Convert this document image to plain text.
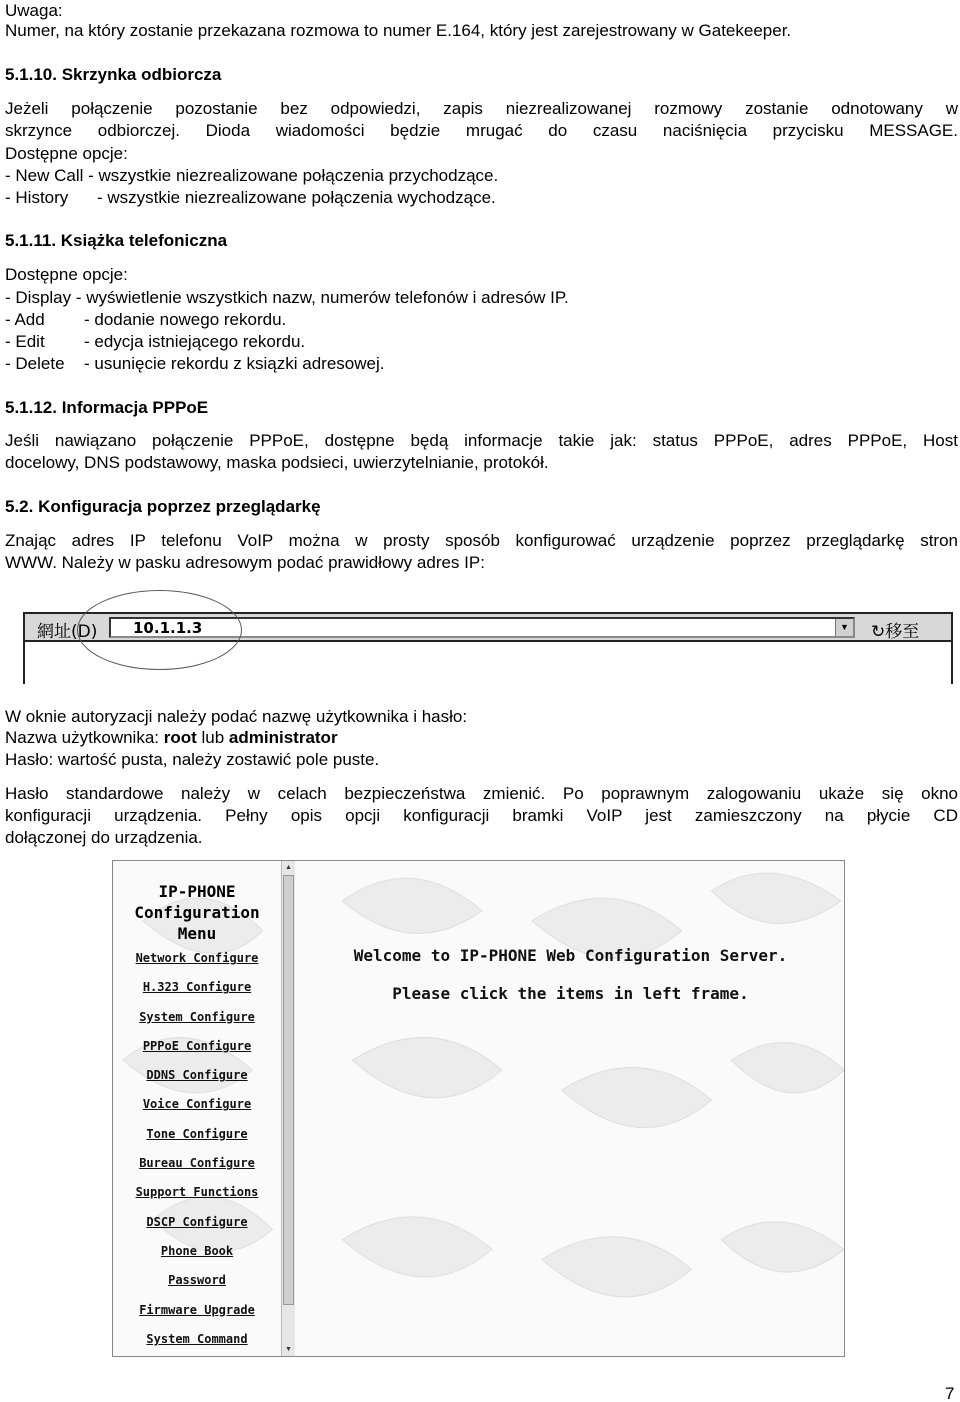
Uwaga:
Numer, na który zostanie przekazana rozmowa to numer E.164, który jest zarejestrowany w Gatekeeper.
5.1.10. Skrzynka odbiorcza
Jeżeli połączenie pozostanie bez odpowiedzi, zapis niezrealizowanej rozmowy zostanie odnotowany w
skrzynce odbiorczej. Dioda wiadomości będzie mrugać do czasu naciśnięcia przycisku MESSAGE.
Dostępne opcje:
- New Call - wszystkie niezrealizowane połączenia przychodzące.
- History - wszystkie niezrealizowane połączenia wychodzące.
5.1.11. Książka telefoniczna
Dostępne opcje:
- Display - wyświetlenie wszystkich nazw, numerów telefonów i adresów IP.
- Add - dodanie nowego rekordu.
- Edit - edycja istniejącego rekordu.
- Delete - usunięcie rekordu z ksiązki adresowej.
5.1.12. Informacja PPPoE
Jeśli nawiązano połączenie PPPoE, dostępne będą informacje takie jak: status PPPoE, adres PPPoE, Host
docelowy, DNS podstawowy, maska podsieci, uwierzytelnianie, protokół.
5.2. Konfiguracja poprzez przeglądarkę
Znając adres IP telefonu VoIP można w prosty sposób konfigurować urządzenie poprzez przeglądarkę stron
WWW. Należy w pasku adresowym podać prawidłowy adres IP:
網址(D) 10.1.1.3	▼ ↻移至
W oknie autoryzacji należy podać nazwę użytkownika i hasło:
Nazwa użytkownika: root lub administrator
Hasło: wartość pusta, należy zostawić pole puste.
Hasło standardowe należy w celach bezpieczeństwa zmienić. Po poprawnym zalogowaniu ukaże się okno
konfiguracji urządzenia. Pełny opis opcji konfiguracji bramki VoIP jest zamieszczony na płycie CD
dołączonej do urządzenia.
IP-PHONE
Configuration
Menu
Network Configure
H.323 Configure
System Configure
PPPoE Configure
DDNS Configure
Voice Configure
Tone Configure
Bureau Configure
Support Functions
DSCP Configure
Phone Book
Password
Firmware Upgrade
System Command
▲
▼
Welcome to IP-PHONE Web Configuration Server.
Please click the items in left frame.
7
